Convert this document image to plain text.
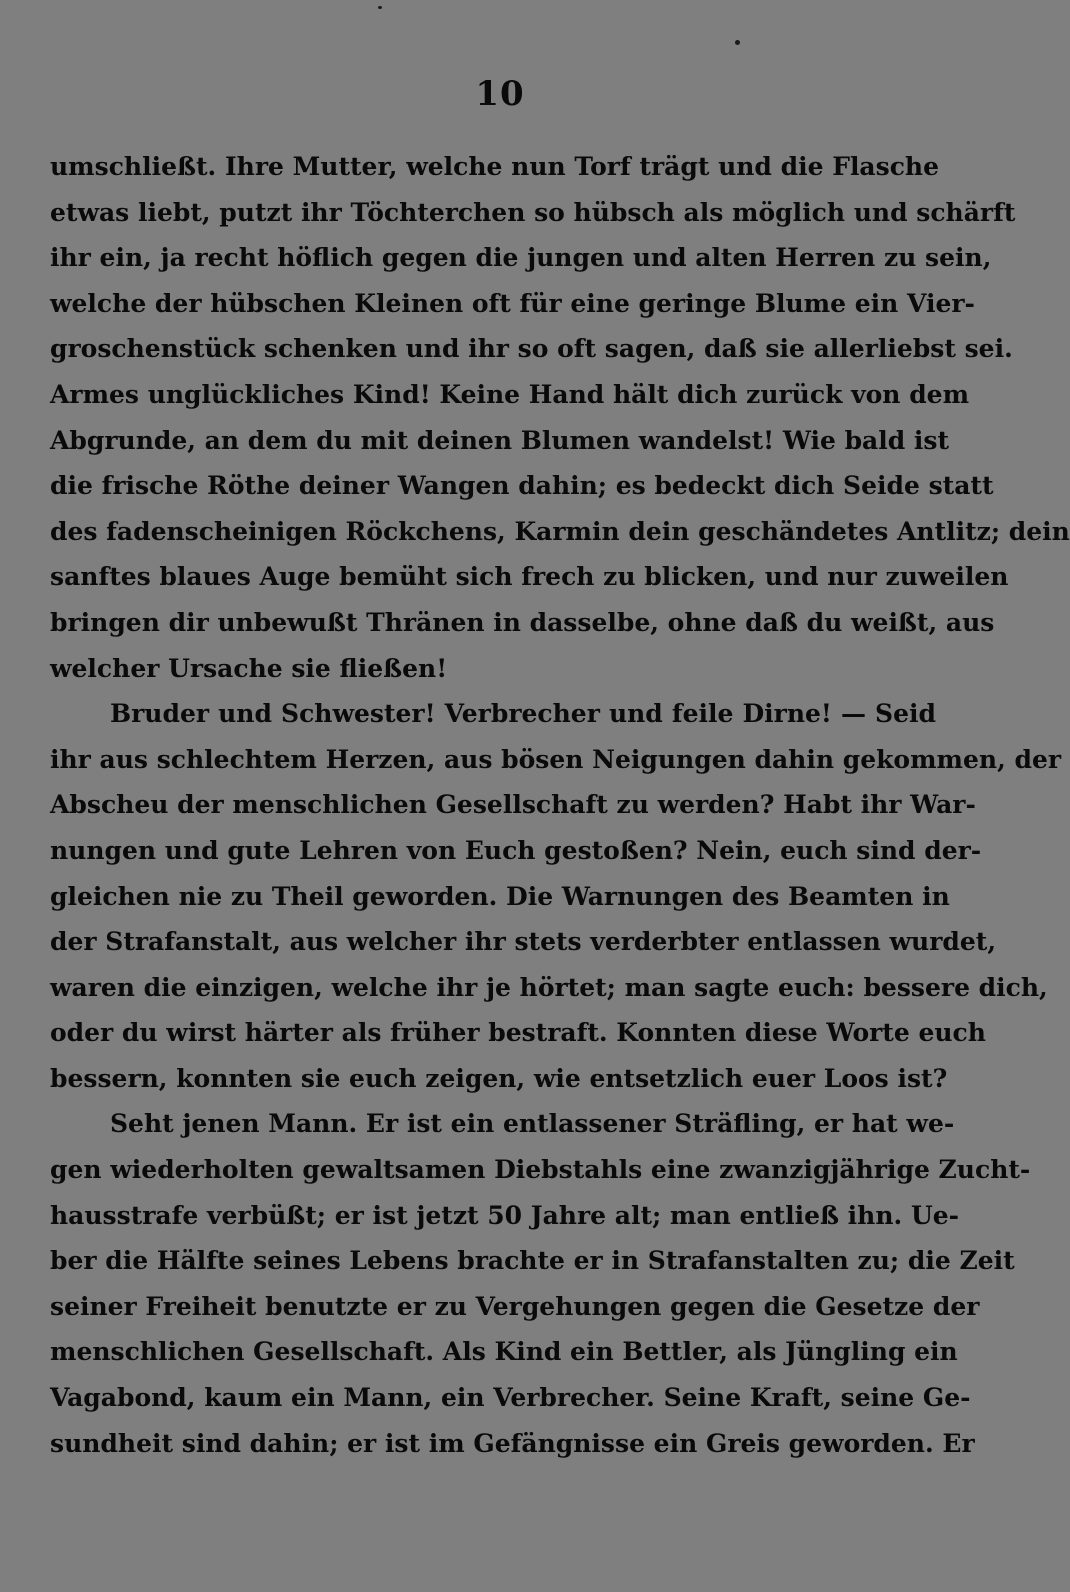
10
umschließt. Ihre Mutter, welche nun Torf trägt und die Flasche
etwas liebt, putzt ihr Töchterchen so hübsch als möglich und schärft
ihr ein, ja recht höflich gegen die jungen und alten Herren zu sein,
welche der hübschen Kleinen oft für eine geringe Blume ein Vier-
groschenstück schenken und ihr so oft sagen, daß sie allerliebst sei.
Armes unglückliches Kind! Keine Hand hält dich zurück von dem
Abgrunde, an dem du mit deinen Blumen wandelst! Wie bald ist
die frische Röthe deiner Wangen dahin; es bedeckt dich Seide statt
des fadenscheinigen Röckchens, Karmin dein geschändetes Antlitz; dein
sanftes blaues Auge bemüht sich frech zu blicken, und nur zuweilen
bringen dir unbewußt Thränen in dasselbe, ohne daß du weißt, aus
welcher Ursache sie fließen!
Bruder und Schwester! Verbrecher und feile Dirne! — Seid
ihr aus schlechtem Herzen, aus bösen Neigungen dahin gekommen, der
Abscheu der menschlichen Gesellschaft zu werden? Habt ihr War-
nungen und gute Lehren von Euch gestoßen? Nein, euch sind der-
gleichen nie zu Theil geworden. Die Warnungen des Beamten in
der Strafanstalt, aus welcher ihr stets verderbter entlassen wurdet,
waren die einzigen, welche ihr je hörtet; man sagte euch: bessere dich,
oder du wirst härter als früher bestraft. Konnten diese Worte euch
bessern, konnten sie euch zeigen, wie entsetzlich euer Loos ist?
Seht jenen Mann. Er ist ein entlassener Sträfling, er hat we-
gen wiederholten gewaltsamen Diebstahls eine zwanzigjährige Zucht-
hausstrafe verbüßt; er ist jetzt 50 Jahre alt; man entließ ihn. Ue-
ber die Hälfte seines Lebens brachte er in Strafanstalten zu; die Zeit
seiner Freiheit benutzte er zu Vergehungen gegen die Gesetze der
menschlichen Gesellschaft. Als Kind ein Bettler, als Jüngling ein
Vagabond, kaum ein Mann, ein Verbrecher. Seine Kraft, seine Ge-
sundheit sind dahin; er ist im Gefängnisse ein Greis geworden. Er
